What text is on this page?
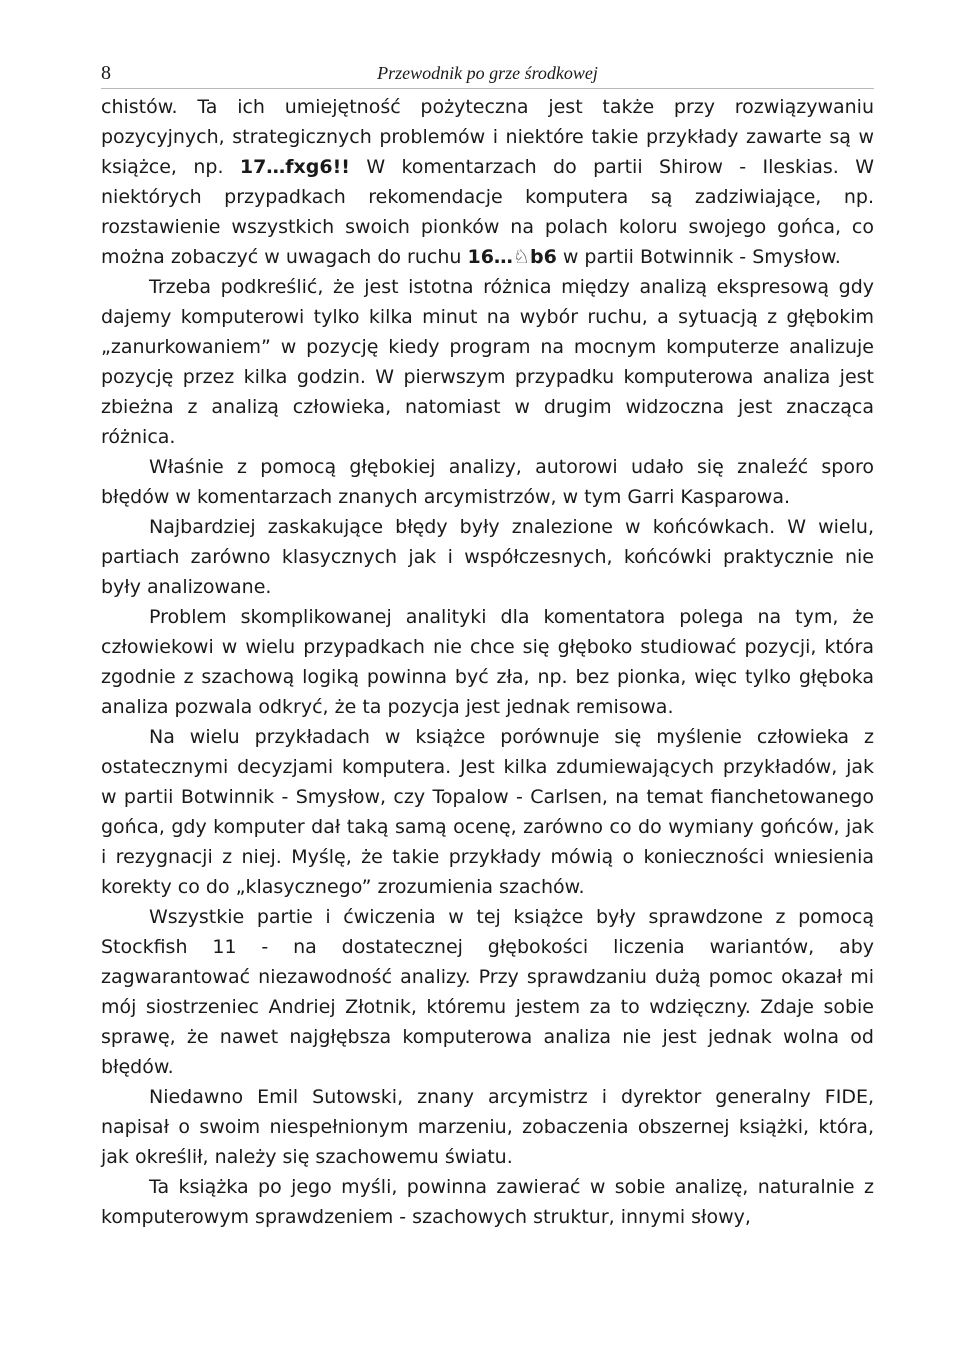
8	Przewodnik po grze środkowej

chistów. Ta ich umiejętność pożyteczna jest także przy rozwiązywaniu pozycyjnych, strategicznych problemów i niektóre takie przykłady zawarte są w książce, np. 17…fxg6!! W komentarzach do partii Shirow - Ileskias. W niektórych przypadkach rekomendacje komputera są zadziwiające, np. rozstawienie wszystkich swoich pionków na polach koloru swojego gońca, co można zobaczyć w uwagach do ruchu 16…♘b6 w partii Botwinnik - Smysłow.

Trzeba podkreślić, że jest istotna różnica między analizą ekspresową gdy dajemy komputerowi tylko kilka minut na wybór ruchu, a sytuacją z głębokim „zanurkowaniem” w pozycję kiedy program na mocnym komputerze analizuje pozycję przez kilka godzin. W pierwszym przypadku komputerowa analiza jest zbieżna z analizą człowieka, natomiast w drugim widzoczna jest znacząca różnica.

Właśnie z pomocą głębokiej analizy, autorowi udało się znaleźć sporo błędów w komentarzach znanych arcymistrzów, w tym Garri Kasparowa.

Najbardziej zaskakujące błędy były znalezione w końcówkach. W wielu, partiach zarówno klasycznych jak i współczesnych, końcówki praktycznie nie były analizowane.

Problem skomplikowanej analityki dla komentatora polega na tym, że człowiekowi w wielu przypadkach nie chce się głęboko studiować pozycji, która zgodnie z szachową logiką powinna być zła, np. bez pionka, więc tylko głęboka analiza pozwala odkryć, że ta pozycja jest jednak remisowa.

Na wielu przykładach w książce porównuje się myślenie człowieka z ostatecznymi decyzjami komputera. Jest kilka zdumiewających przykładów, jak w partii Botwinnik - Smysłow, czy Topalow - Carlsen, na temat fianchetowanego gońca, gdy komputer dał taką samą ocenę, zarówno co do wymiany gońców, jak i rezygnacji z niej. Myślę, że takie przykłady mówią o konieczności wniesienia korekty co do „klasycznego” zrozumienia szachów.

Wszystkie partie i ćwiczenia w tej książce były sprawdzone z pomocą Stockfish 11 - na dostatecznej głębokości liczenia wariantów, aby zagwarantować niezawodność analizy. Przy sprawdzaniu dużą pomoc okazał mi mój siostrzeniec Andriej Złotnik, któremu jestem za to wdzięczny. Zdaje sobie sprawę, że nawet najgłębsza komputerowa analiza nie jest jednak wolna od błędów.

Niedawno Emil Sutowski, znany arcymistrz i dyrektor generalny FIDE, napisał o swoim niespełnionym marzeniu, zobaczenia obszernej książki, która, jak określił, należy się szachowemu światu.

Ta książka po jego myśli, powinna zawierać w sobie analizę, naturalnie z komputerowym sprawdzeniem - szachowych struktur, innymi słowy,
